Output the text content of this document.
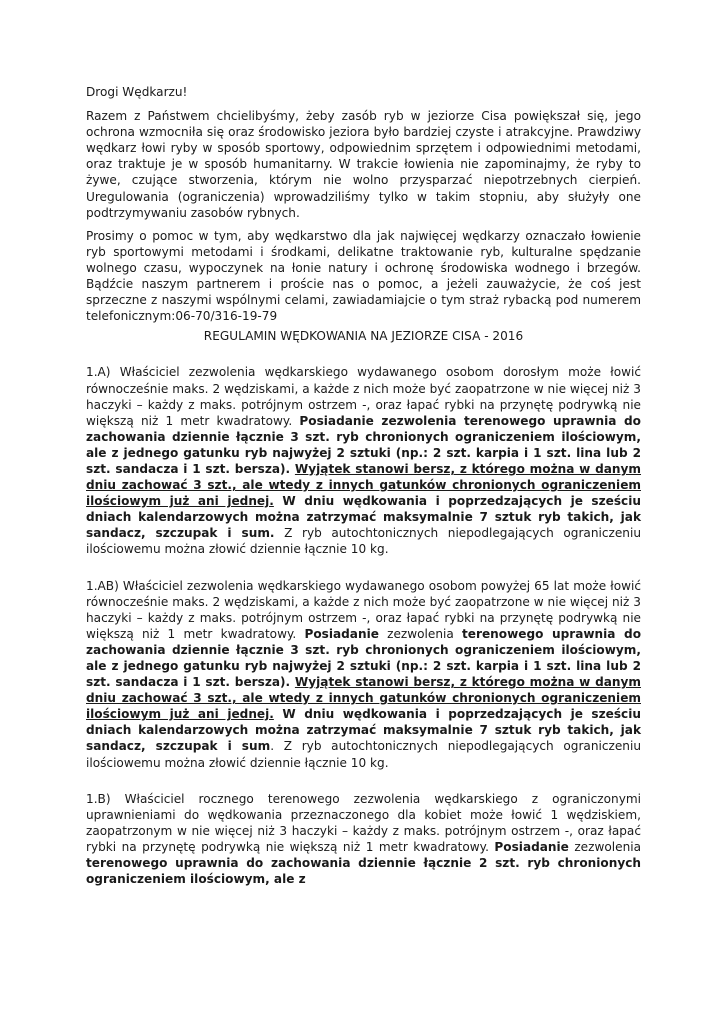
Drogi Wędkarzu!

Razem z Państwem chcielibyśmy, żeby zasób ryb w jeziorze Cisa powiększał się, jego ochrona wzmocniła się oraz środowisko jeziora było bardziej czyste i atrakcyjne. Prawdziwy wędkarz łowi ryby w sposób sportowy, odpowiednim sprzętem i odpowiednimi metodami, oraz traktuje je w sposób humanitarny. W trakcie łowienia nie zapominajmy, że ryby to żywe, czujące stworzenia, którym nie wolno przysparzać niepotrzebnych cierpień. Uregulowania (ograniczenia) wprowadziliśmy tylko w takim stopniu, aby służyły one podtrzymywaniu zasobów rybnych.

Prosimy o pomoc w tym, aby wędkarstwo dla jak najwięcej wędkarzy oznaczało łowienie ryb sportowymi metodami i środkami, delikatne traktowanie ryb, kulturalne spędzanie wolnego czasu, wypoczynek na łonie natury i ochronę środowiska wodnego i brzegów. Bądźcie naszym partnerem i proście nas o pomoc, a jeżeli zauważycie, że coś jest sprzeczne z naszymi wspólnymi celami, zawiadamiajcie o tym straż rybacką pod numerem telefonicznym:06-70/316-19-79

REGULAMIN WĘDKOWANIA NA JEZIORZE CISA - 2016

1.A) Właściciel zezwolenia wędkarskiego wydawanego osobom dorosłym może łowić równocześnie maks. 2 wędziskami, a każde z nich może być zaopatrzone w nie więcej niż 3 haczyki – każdy z maks. potrójnym ostrzem -, oraz łapać rybki na przynętę podrywką nie większą niż 1 metr kwadratowy. Posiadanie zezwolenia terenowego uprawnia do zachowania dziennie łącznie 3 szt. ryb chronionych ograniczeniem ilościowym, ale z jednego gatunku ryb najwyżej 2 sztuki (np.: 2 szt. karpia i 1 szt. lina lub 2 szt. sandacza i 1 szt. bersza). Wyjątek stanowi bersz, z którego można w danym dniu zachować 3 szt., ale wtedy z innych gatunków chronionych ograniczeniem ilościowym już ani jednej. W dniu wędkowania i poprzedzających je sześciu dniach kalendarzowych można zatrzymać maksymalnie 7 sztuk ryb takich, jak sandacz, szczupak i sum. Z ryb autochtonicznych niepodlegających ograniczeniu ilościowemu można złowić dziennie łącznie 10 kg.

1.AB) Właściciel zezwolenia wędkarskiego wydawanego osobom powyżej 65 lat może łowić równocześnie maks. 2 wędziskami, a każde z nich może być zaopatrzone w nie więcej niż 3 haczyki – każdy z maks. potrójnym ostrzem -, oraz łapać rybki na przynętę podrywką nie większą niż 1 metr kwadratowy. Posiadanie zezwolenia terenowego uprawnia do zachowania dziennie łącznie 3 szt. ryb chronionych ograniczeniem ilościowym, ale z jednego gatunku ryb najwyżej 2 sztuki (np.: 2 szt. karpia i 1 szt. lina lub 2 szt. sandacza i 1 szt. bersza). Wyjątek stanowi bersz, z którego można w danym dniu zachować 3 szt., ale wtedy z innych gatunków chronionych ograniczeniem ilościowym już ani jednej. W dniu wędkowania i poprzedzających je sześciu dniach kalendarzowych można zatrzymać maksymalnie 7 sztuk ryb takich, jak sandacz, szczupak i sum. Z ryb autochtonicznych niepodlegających ograniczeniu ilościowemu można złowić dziennie łącznie 10 kg.

1.B) Właściciel rocznego terenowego zezwolenia wędkarskiego z ograniczonymi uprawnieniami do wędkowania przeznaczonego dla kobiet może łowić 1 wędziskiem, zaopatrzonym w nie więcej niż 3 haczyki – każdy z maks. potrójnym ostrzem -, oraz łapać rybki na przynętę podrywką nie większą niż 1 metr kwadratowy. Posiadanie zezwolenia terenowego uprawnia do zachowania dziennie łącznie 2 szt. ryb chronionych ograniczeniem ilościowym, ale z
